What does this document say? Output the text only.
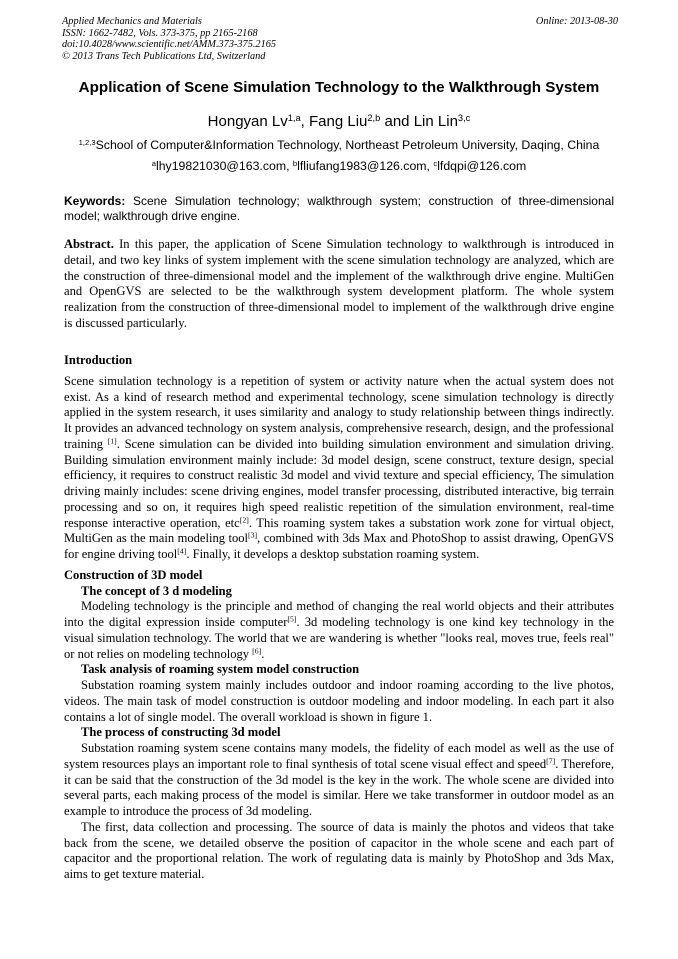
Applied Mechanics and Materials
ISSN: 1662-7482, Vols. 373-375, pp 2165-2168
doi:10.4028/www.scientific.net/AMM.373-375.2165
© 2013 Trans Tech Publications Ltd, Switzerland
Online: 2013-08-30
Application of Scene Simulation Technology to the Walkthrough System
Hongyan Lv$^{1,a}$, Fang Liu$^{2,b}$ and Lin Lin$^{3,c}$
$^{1,2,3}$School of Computer&Information Technology, Northeast Petroleum University, Daqing, China
$^a$lhy19821030@163.com, $^b$lfliufang1983@126.com, $^c$lfdqpi@126.com
Keywords: Scene Simulation technology; walkthrough system; construction of three-dimensional model; walkthrough drive engine.

Abstract. In this paper, the application of Scene Simulation technology to walkthrough is introduced in detail, and two key links of system implement with the scene simulation technology are analyzed, which are the construction of three-dimensional model and the implement of the walkthrough drive engine. MultiGen and OpenGVS are selected to be the walkthrough system development platform. The whole system realization from the construction of three-dimensional model to implement of the walkthrough drive engine is discussed particularly.

Introduction

Scene simulation technology is a repetition of system or activity nature when the actual system does not exist. As a kind of research method and experimental technology, scene simulation technology is directly applied in the system research, it uses similarity and analogy to study relationship between things indirectly. It provides an advanced technology on system analysis, comprehensive research, design, and the professional training [1]. Scene simulation can be divided into building simulation environment and simulation driving. Building simulation environment mainly include: 3d model design, scene construct, texture design, special efficiency, it requires to construct realistic 3d model and vivid texture and special efficiency, The simulation driving mainly includes: scene driving engines, model transfer processing, distributed interactive, big terrain processing and so on, it requires high speed realistic repetition of the simulation environment, real-time response interactive operation, etc[2]. This roaming system takes a substation work zone for virtual object, MultiGen as the main modeling tool[3], combined with 3ds Max and PhotoShop to assist drawing, OpenGVS for engine driving tool[4]. Finally, it develops a desktop substation roaming system.

Construction of 3D model

The concept of 3 d modeling

Modeling technology is the principle and method of changing the real world objects and their attributes into the digital expression inside computer[5]. 3d modeling technology is one kind key technology in the visual simulation technology. The world that we are wandering is whether "looks real, moves true, feels real" or not relies on modeling technology [6].

Task analysis of roaming system model construction

Substation roaming system mainly includes outdoor and indoor roaming according to the live photos, videos. The main task of model construction is outdoor modeling and indoor modeling. In each part it also contains a lot of single model. The overall workload is shown in figure 1.

The process of constructing 3d model

Substation roaming system scene contains many models, the fidelity of each model as well as the use of system resources plays an important role to final synthesis of total scene visual effect and speed[7]. Therefore, it can be said that the construction of the 3d model is the key in the work. The whole scene are divided into several parts, each making process of the model is similar. Here we take transformer in outdoor model as an example to introduce the process of 3d modeling.

The first, data collection and processing. The source of data is mainly the photos and videos that take back from the scene, we detailed observe the position of capacitor in the whole scene and each part of capacitor and the proportional relation. The work of regulating data is mainly by PhotoShop and 3ds Max, aims to get texture material.
